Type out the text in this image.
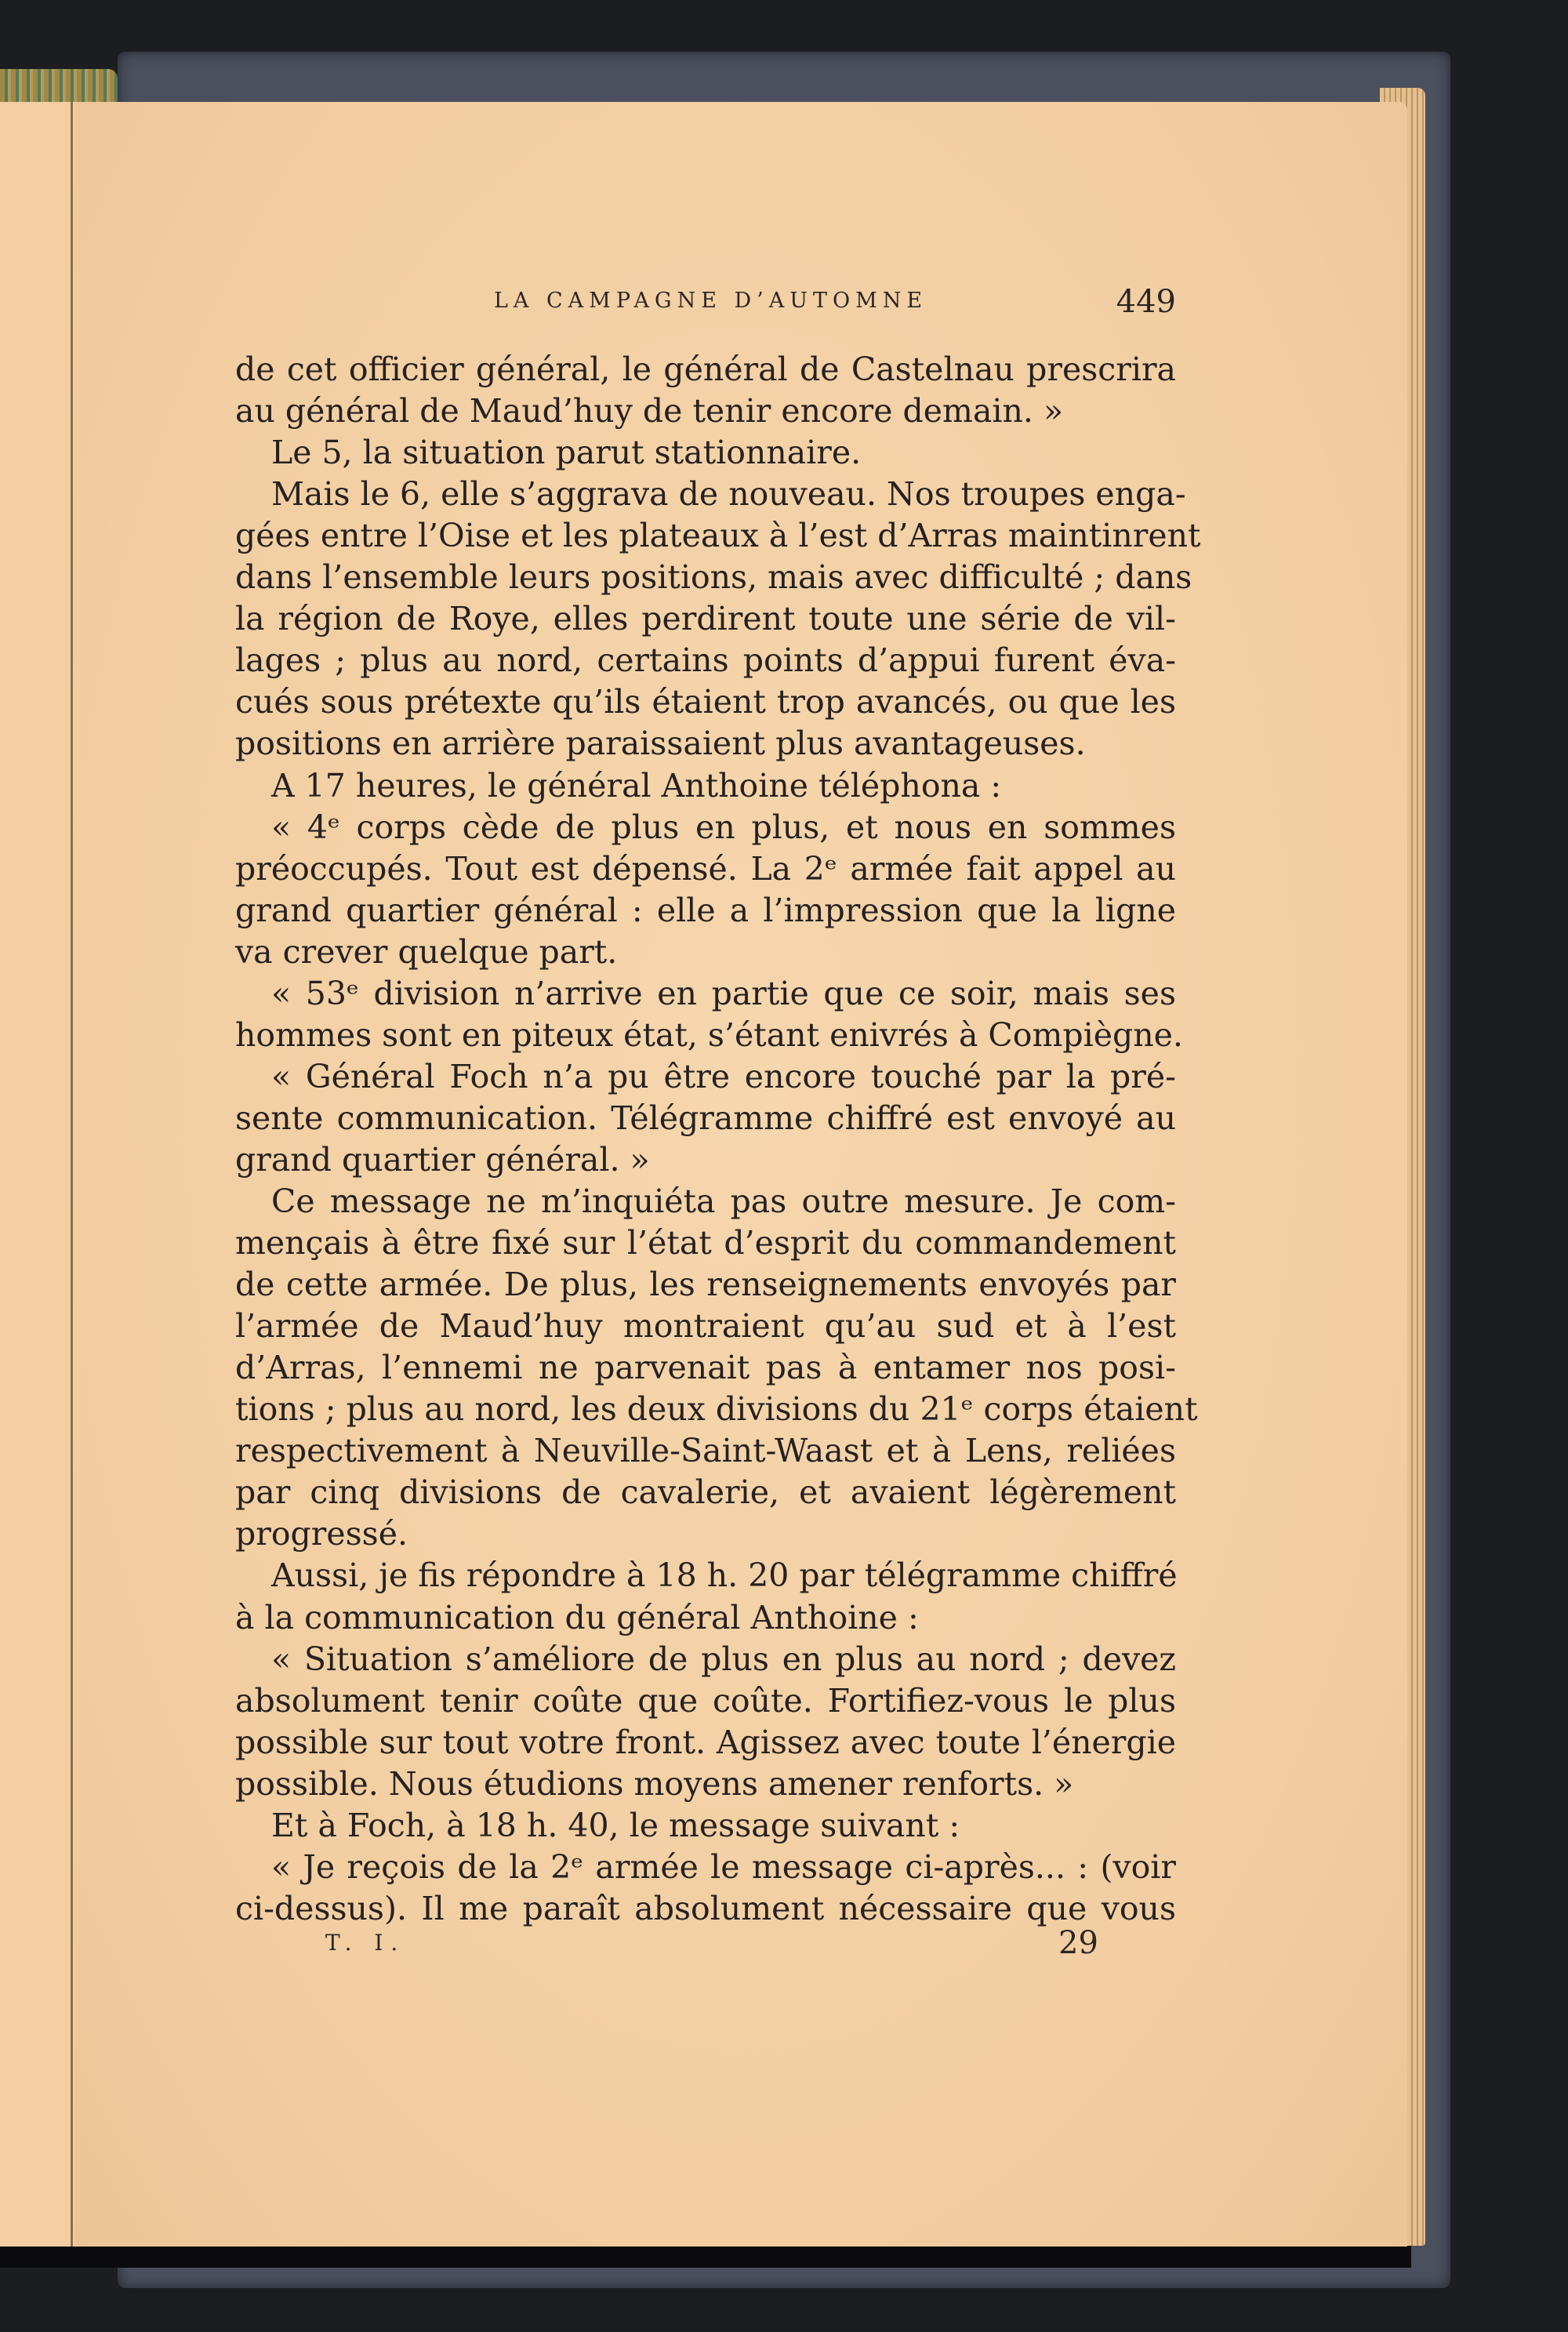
LA CAMPAGNE D’AUTOMNE	449
de cet officier général, le général de Castelnau prescrira
au général de Maud’huy de tenir encore demain. »
Le 5, la situation parut stationnaire.
Mais le 6, elle s’aggrava de nouveau. Nos troupes enga-
gées entre l’Oise et les plateaux à l’est d’Arras maintinrent
dans l’ensemble leurs positions, mais avec difficulté ; dans
la région de Roye, elles perdirent toute une série de vil-
lages ; plus au nord, certains points d’appui furent éva-
cués sous prétexte qu’ils étaient trop avancés, ou que les
positions en arrière paraissaient plus avantageuses.
A 17 heures, le général Anthoine téléphona :
« 4ᵉ corps cède de plus en plus, et nous en sommes
préoccupés. Tout est dépensé. La 2ᵉ armée fait appel au
grand quartier général : elle a l’impression que la ligne
va crever quelque part.
« 53ᵉ division n’arrive en partie que ce soir, mais ses
hommes sont en piteux état, s’étant enivrés à Compiègne.
« Général Foch n’a pu être encore touché par la pré-
sente communication. Télégramme chiffré est envoyé au
grand quartier général. »
Ce message ne m’inquiéta pas outre mesure. Je com-
mençais à être fixé sur l’état d’esprit du commandement
de cette armée. De plus, les renseignements envoyés par
l’armée de Maud’huy montraient qu’au sud et à l’est
d’Arras, l’ennemi ne parvenait pas à entamer nos posi-
tions ; plus au nord, les deux divisions du 21ᵉ corps étaient
respectivement à Neuville-Saint-Waast et à Lens, reliées
par cinq divisions de cavalerie, et avaient légèrement
progressé.
Aussi, je fis répondre à 18 h. 20 par télégramme chiffré
à la communication du général Anthoine :
« Situation s’améliore de plus en plus au nord ; devez
absolument tenir coûte que coûte. Fortifiez-vous le plus
possible sur tout votre front. Agissez avec toute l’énergie
possible. Nous étudions moyens amener renforts. »
Et à Foch, à 18 h. 40, le message suivant :
« Je reçois de la 2ᵉ armée le message ci-après... : (voir
ci-dessus). Il me paraît absolument nécessaire que vous
T. I.	29
